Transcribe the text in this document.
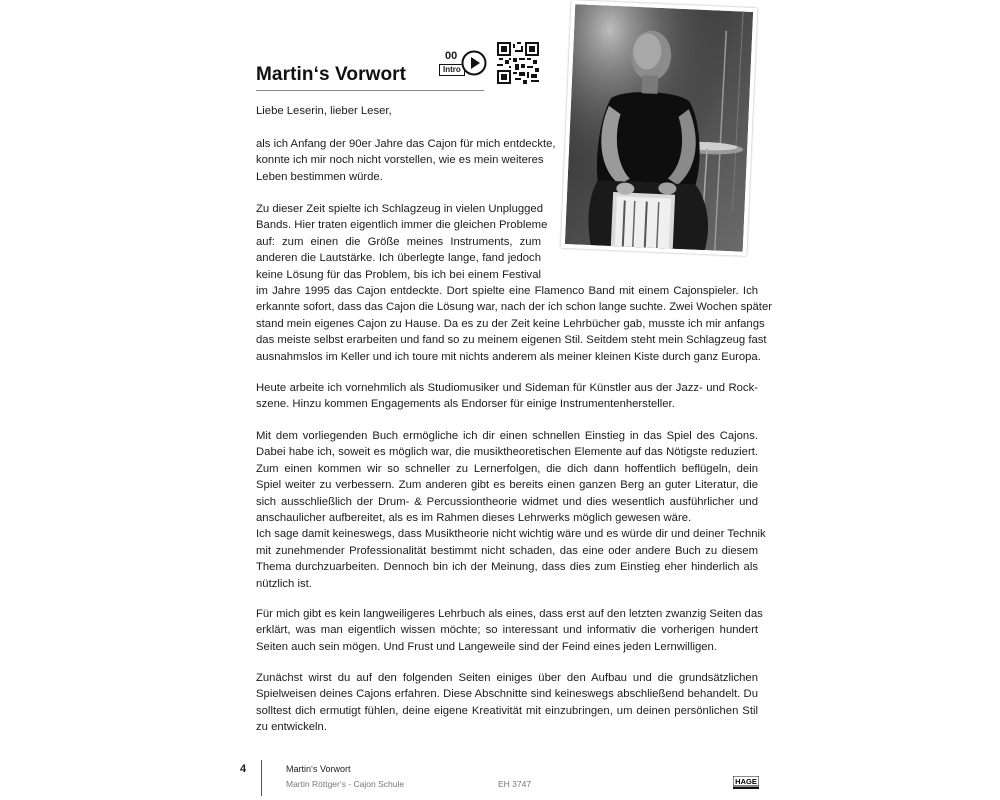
Martin‘s Vorwort
00
Intro

Liebe Leserin, lieber Leser,

als ich Anfang der 90er Jahre das Cajon für mich entdeckte,
konnte ich mir noch nicht vorstellen, wie es mein weiteres
Leben bestimmen würde.

Zu dieser Zeit spielte ich Schlagzeug in vielen Unplugged
Bands. Hier traten eigentlich immer die gleichen Probleme
auf: zum einen die Größe meines Instruments, zum
anderen die Lautstärke. Ich überlegte lange, fand jedoch
keine Lösung für das Problem, bis ich bei einem Festival
im Jahre 1995 das Cajon entdeckte. Dort spielte eine Flamenco Band mit einem Cajonspieler. Ich
erkannte sofort, dass das Cajon die Lösung war, nach der ich schon lange suchte. Zwei Wochen später
stand mein eigenes Cajon zu Hause. Da es zu der Zeit keine Lehrbücher gab, musste ich mir anfangs
das meiste selbst erarbeiten und fand so zu meinem eigenen Stil. Seitdem steht mein Schlagzeug fast
ausnahmslos im Keller und ich toure mit nichts anderem als meiner kleinen Kiste durch ganz Europa.

Heute arbeite ich vornehmlich als Studiomusiker und Sideman für Künstler aus der Jazz- und Rock-
szene. Hinzu kommen Engagements als Endorser für einige Instrumentenhersteller.

Mit dem vorliegenden Buch ermögliche ich dir einen schnellen Einstieg in das Spiel des Cajons.
Dabei habe ich, soweit es möglich war, die musiktheoretischen Elemente auf das Nötigste reduziert.
Zum einen kommen wir so schneller zu Lernerfolgen, die dich dann hoffentlich beflügeln, dein
Spiel weiter zu verbessern. Zum anderen gibt es bereits einen ganzen Berg an guter Literatur, die
sich ausschließlich der Drum- & Percussiontheorie widmet und dies wesentlich ausführlicher und
anschaulicher aufbereitet, als es im Rahmen dieses Lehrwerks möglich gewesen wäre.
Ich sage damit keineswegs, dass Musiktheorie nicht wichtig wäre und es würde dir und deiner Technik
mit zunehmender Professionalität bestimmt nicht schaden, das eine oder andere Buch zu diesem
Thema durchzuarbeiten. Dennoch bin ich der Meinung, dass dies zum Einstieg eher hinderlich als
nützlich ist.

Für mich gibt es kein langweiligeres Lehrbuch als eines, dass erst auf den letzten zwanzig Seiten das
erklärt, was man eigentlich wissen möchte; so interessant und informativ die vorherigen hundert
Seiten auch sein mögen. Und Frust und Langeweile sind der Feind eines jeden Lernwilligen.

Zunächst wirst du auf den folgenden Seiten einiges über den Aufbau und die grundsätzlichen
Spielweisen deines Cajons erfahren. Diese Abschnitte sind keineswegs abschließend behandelt. Du
solltest dich ermutigt fühlen, deine eigene Kreativität mit einzubringen, um deinen persönlichen Stil
zu entwickeln.

4	Martin‘s Vorwort
Martin Röttger‘s - Cajon Schule	EH 3747	HAGE
